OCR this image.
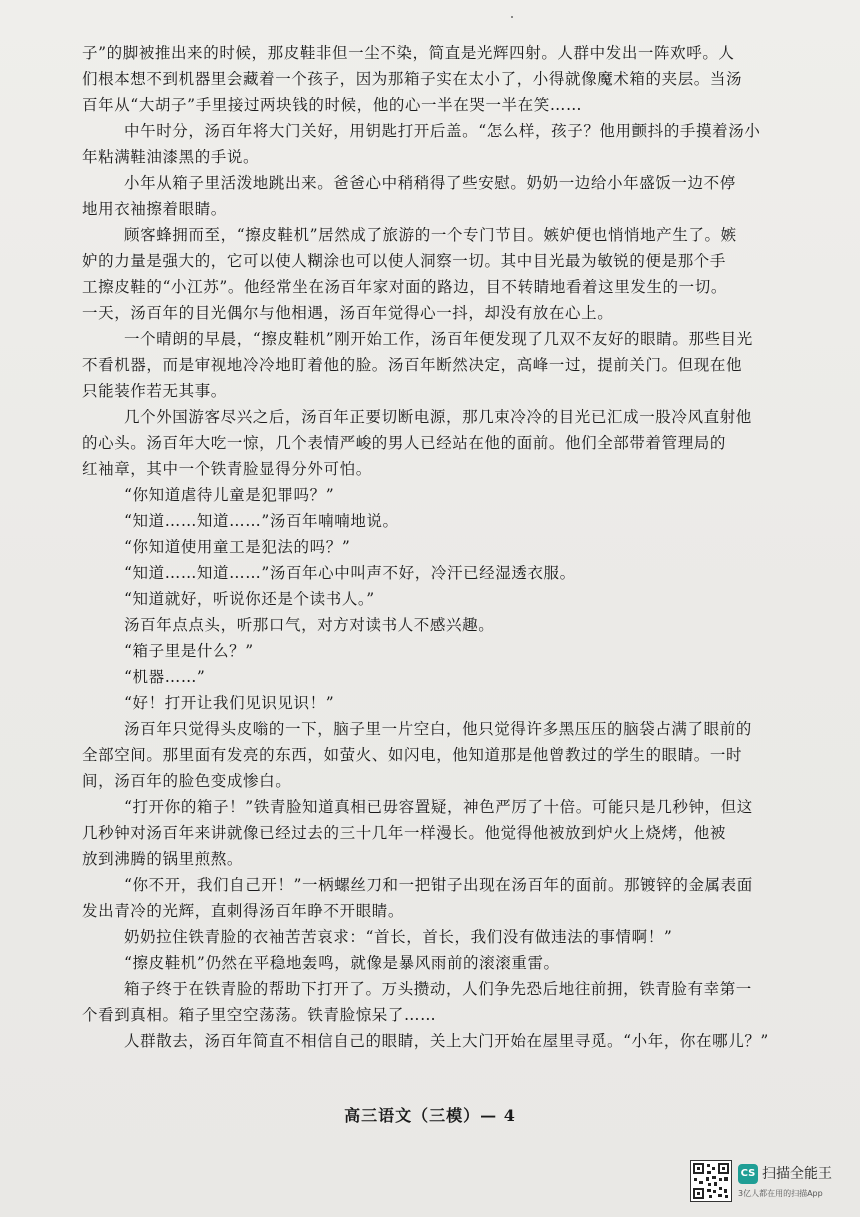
子”的脚被推出来的时候，那皮鞋非但一尘不染，简直是光辉四射。人群中发出一阵欢呼。人
们根本想不到机器里会藏着一个孩子，因为那箱子实在太小了，小得就像魔术箱的夹层。当汤
百年从“大胡子”手里接过两块钱的时候，他的心一半在哭一半在笑……
中午时分，汤百年将大门关好，用钥匙打开后盖。“怎么样，孩子？他用颤抖的手摸着汤小
年粘满鞋油漆黑的手说。
小年从箱子里活泼地跳出来。爸爸心中稍稍得了些安慰。奶奶一边给小年盛饭一边不停
地用衣袖擦着眼睛。
顾客蜂拥而至，“擦皮鞋机”居然成了旅游的一个专门节目。嫉妒便也悄悄地产生了。嫉
妒的力量是强大的，它可以使人糊涂也可以使人洞察一切。其中目光最为敏锐的便是那个手
工擦皮鞋的“小江苏”。他经常坐在汤百年家对面的路边，目不转睛地看着这里发生的一切。
一天，汤百年的目光偶尔与他相遇，汤百年觉得心一抖，却没有放在心上。
一个晴朗的早晨，“擦皮鞋机”刚开始工作，汤百年便发现了几双不友好的眼睛。那些目光
不看机器，而是审视地冷冷地盯着他的脸。汤百年断然决定，高峰一过，提前关门。但现在他
只能装作若无其事。
几个外国游客尽兴之后，汤百年正要切断电源，那几束冷冷的目光已汇成一股冷风直射他
的心头。汤百年大吃一惊，几个表情严峻的男人已经站在他的面前。他们全部带着管理局的
红袖章，其中一个铁青脸显得分外可怕。
“你知道虐待儿童是犯罪吗？”
“知道……知道……”汤百年喃喃地说。
“你知道使用童工是犯法的吗？”
“知道……知道……”汤百年心中叫声不好，冷汗已经湿透衣服。
“知道就好，听说你还是个读书人。”
汤百年点点头，听那口气，对方对读书人不感兴趣。
“箱子里是什么？”
“机器……”
“好！打开让我们见识见识！”
汤百年只觉得头皮嗡的一下，脑子里一片空白，他只觉得许多黑压压的脑袋占满了眼前的
全部空间。那里面有发亮的东西，如萤火、如闪电，他知道那是他曾教过的学生的眼睛。一时
间，汤百年的脸色变成惨白。
“打开你的箱子！”铁青脸知道真相已毋容置疑，神色严厉了十倍。可能只是几秒钟，但这
几秒钟对汤百年来讲就像已经过去的三十几年一样漫长。他觉得他被放到炉火上烧烤，他被
放到沸腾的锅里煎熬。
“你不开，我们自己开！”一柄螺丝刀和一把钳子出现在汤百年的面前。那镀锌的金属表面
发出青冷的光辉，直刺得汤百年睁不开眼睛。
奶奶拉住铁青脸的衣袖苦苦哀求：“首长，首长，我们没有做违法的事情啊！”
“擦皮鞋机”仍然在平稳地轰鸣，就像是暴风雨前的滚滚重雷。
箱子终于在铁青脸的帮助下打开了。万头攒动，人们争先恐后地往前拥，铁青脸有幸第一
个看到真相。箱子里空空荡荡。铁青脸惊呆了……
人群散去，汤百年简直不相信自己的眼睛，关上大门开始在屋里寻觅。“小年，你在哪儿？”
高三语文（三模）— 4
CS 扫描全能王
3亿人都在用的扫描App
